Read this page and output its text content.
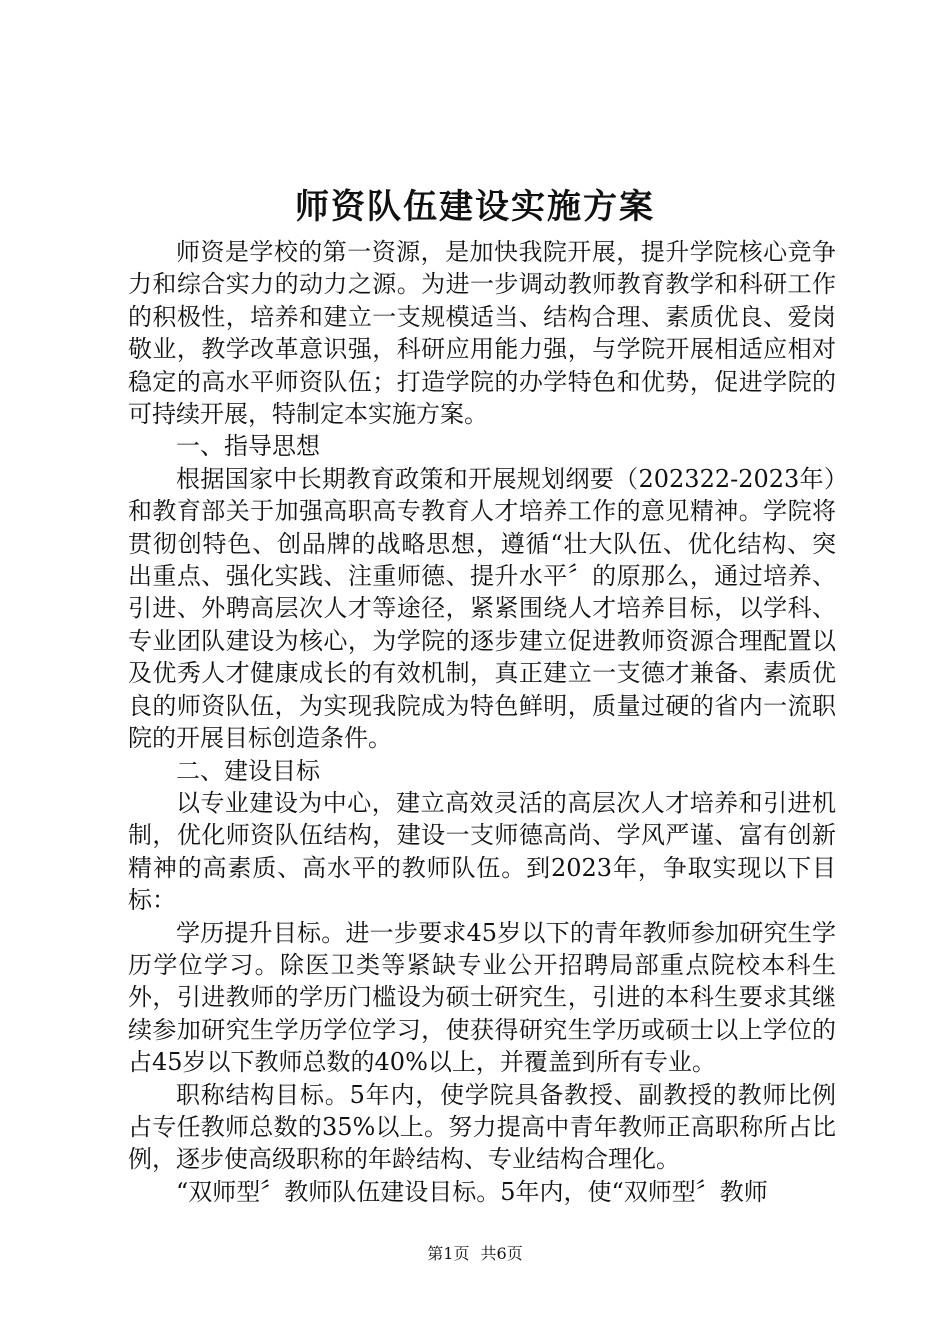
师资队伍建设实施方案

师资是学校的第一资源，是加快我院开展，提升学院核心竞争力和综合实力的动力之源。为进一步调动教师教育教学和科研工作的积极性，培养和建立一支规模适当、结构合理、素质优良、爱岗敬业，教学改革意识强，科研应用能力强，与学院开展相适应相对稳定的高水平师资队伍；打造学院的办学特色和优势，促进学院的可持续开展，特制定本实施方案。

一、指导思想

根据国家中长期教育政策和开展规划纲要（202322-2023年）和教育部关于加强高职高专教育人才培养工作的意见精神。学院将贯彻创特色、创品牌的战略思想，遵循“壮大队伍、优化结构、突出重点、强化实践、注重师德、提升水平〞的原那么，通过培养、引进、外聘高层次人才等途径，紧紧围绕人才培养目标，以学科、专业团队建设为核心，为学院的逐步建立促进教师资源合理配置以及优秀人才健康成长的有效机制，真正建立一支德才兼备、素质优良的师资队伍，为实现我院成为特色鲜明，质量过硬的省内一流职院的开展目标创造条件。

二、建设目标

以专业建设为中心，建立高效灵活的高层次人才培养和引进机制，优化师资队伍结构，建设一支师德高尚、学风严谨、富有创新精神的高素质、高水平的教师队伍。到2023年，争取实现以下目标：

学历提升目标。进一步要求45岁以下的青年教师参加研究生学历学位学习。除医卫类等紧缺专业公开招聘局部重点院校本科生外，引进教师的学历门槛设为硕士研究生，引进的本科生要求其继续参加研究生学历学位学习，使获得研究生学历或硕士以上学位的占45岁以下教师总数的40%以上，并覆盖到所有专业。

职称结构目标。5年内，使学院具备教授、副教授的教师比例占专任教师总数的35%以上。努力提高中青年教师正高职称所占比例，逐步使高级职称的年龄结构、专业结构合理化。

“双师型〞教师队伍建设目标。5年内，使“双师型〞教师

第1页 共6页
